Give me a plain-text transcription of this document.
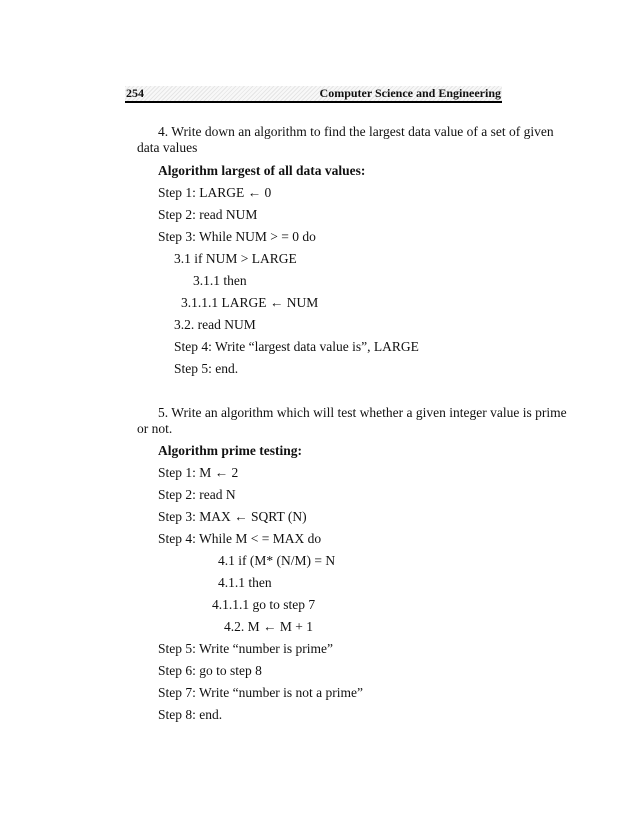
254	Computer Science and Engineering
4. Write down an algorithm to find the largest data value of a set of given
data values
Algorithm largest of all data values:
Step 1: LARGE ← 0
Step 2: read NUM
Step 3: While NUM > = 0 do
3.1 if NUM > LARGE
3.1.1 then
3.1.1.1 LARGE ← NUM
3.2. read NUM
Step 4: Write “largest data value is”, LARGE
Step 5: end.
5. Write an algorithm which will test whether a given integer value is prime
or not.
Algorithm prime testing:
Step 1: M ← 2
Step 2: read N
Step 3: MAX ← SQRT (N)
Step 4: While M < = MAX do
4.1 if (M* (N/M) = N
4.1.1 then
4.1.1.1 go to step 7
4.2. M ← M + 1
Step 5: Write “number is prime”
Step 6: go to step 8
Step 7: Write “number is not a prime”
Step 8: end.
